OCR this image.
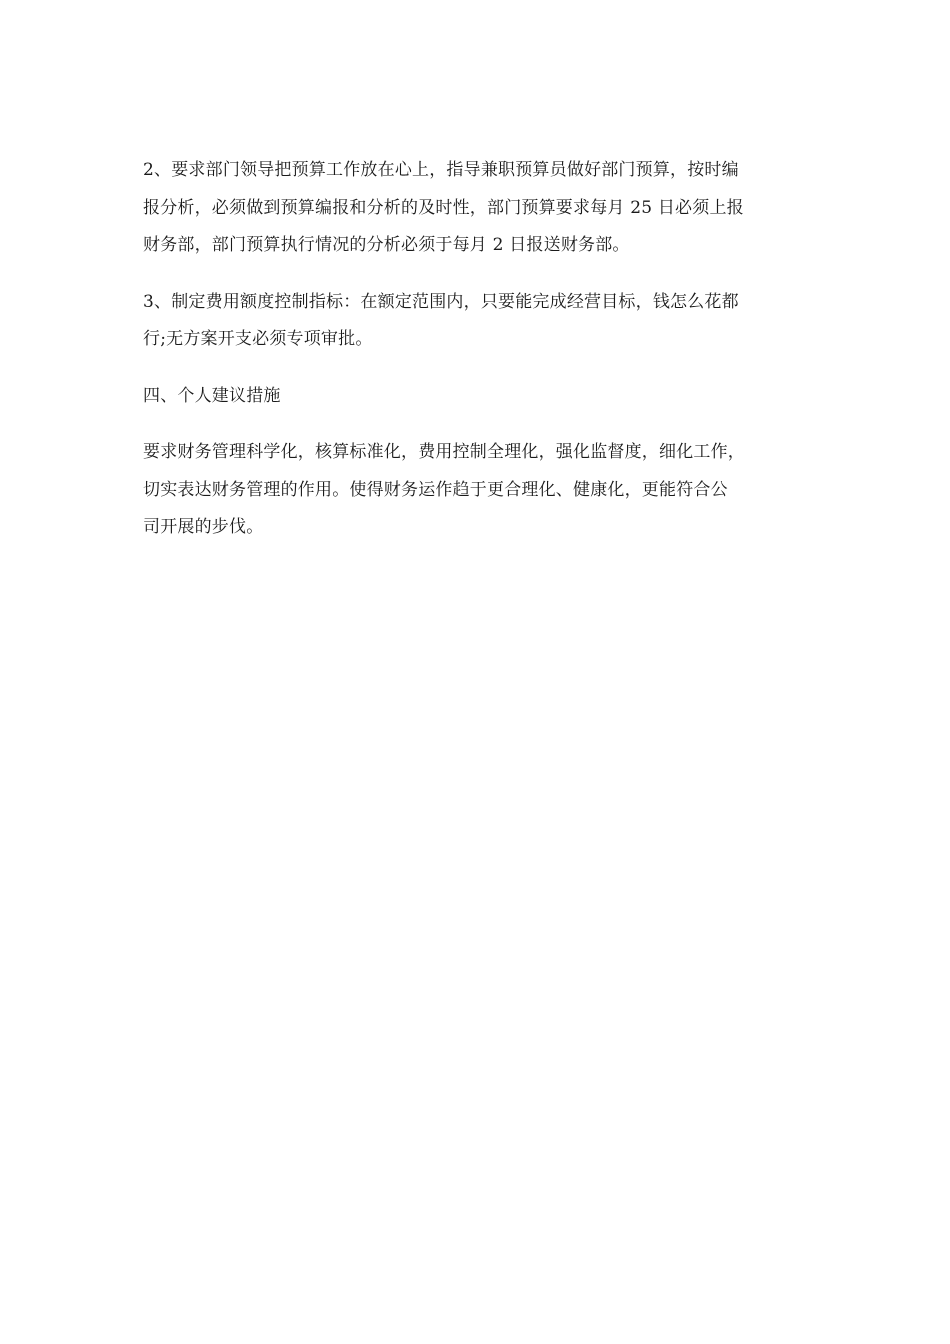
2、要求部门领导把预算工作放在心上，指导兼职预算员做好部门预算，按时编
报分析，必须做到预算编报和分析的及时性，部门预算要求每月 25 日必须上报
财务部，部门预算执行情况的分析必须于每月 2 日报送财务部。

3、制定费用额度控制指标：在额定范围内，只要能完成经营目标，钱怎么花都
行;无方案开支必须专项审批。

四、个人建议措施

要求财务管理科学化，核算标准化，费用控制全理化，强化监督度，细化工作，
切实表达财务管理的作用。使得财务运作趋于更合理化、健康化，更能符合公
司开展的步伐。
